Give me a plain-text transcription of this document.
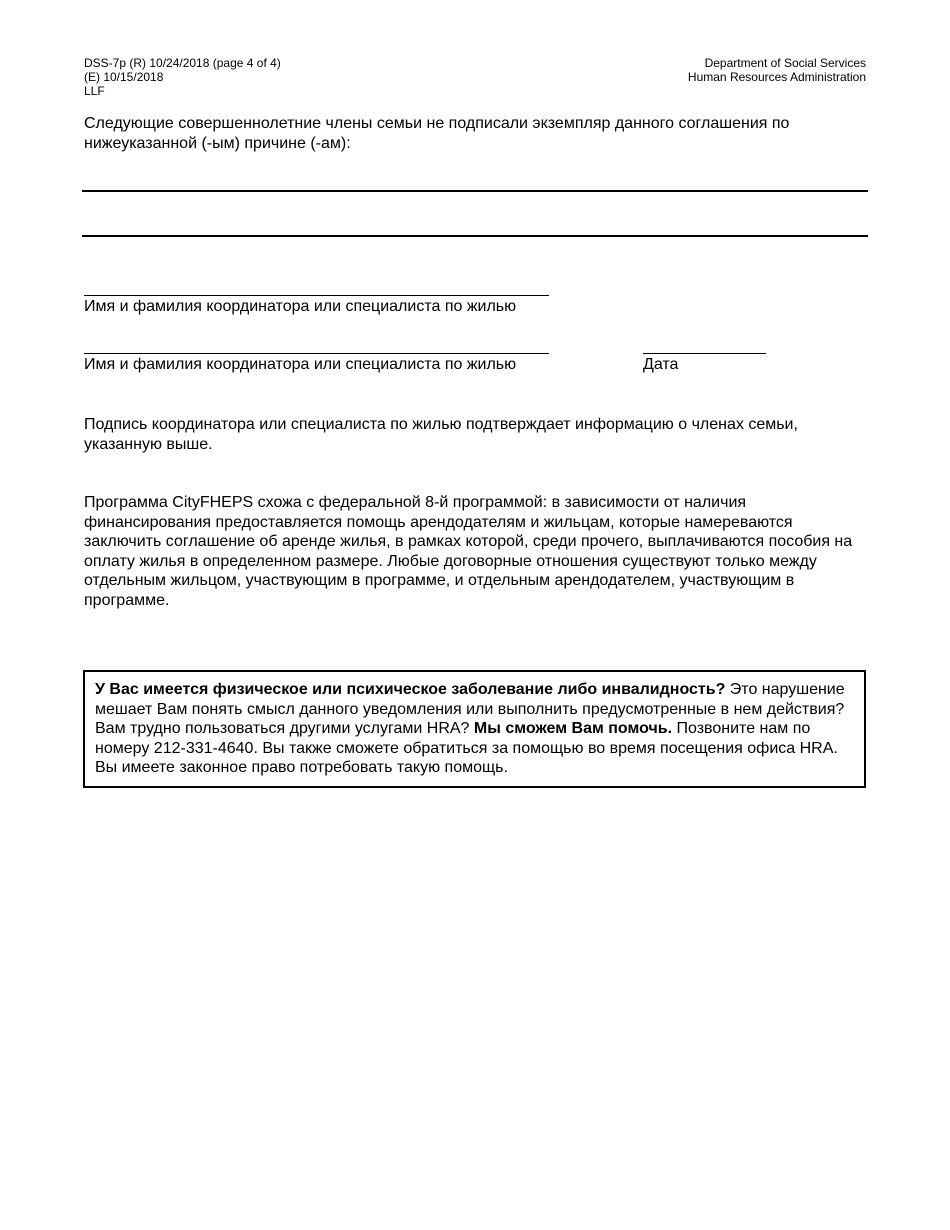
DSS-7p (R) 10/24/2018 (page 4 of 4)
(E) 10/15/2018
LLF
Department of Social Services
Human Resources Administration

Следующие совершеннолетние члены семьи не подписали экземпляр данного соглашения по нижеуказанной (-ым) причине (-ам):

Имя и фамилия координатора или специалиста по жилью
Имя и фамилия координатора или специалиста по жилью	Дата

Подпись координатора или специалиста по жилью подтверждает информацию о членах семьи, указанную выше.

Программа CityFHEPS схожа с федеральной 8-й программой: в зависимости от наличия финансирования предоставляется помощь арендодателям и жильцам, которые намереваются заключить соглашение об аренде жилья, в рамках которой, среди прочего, выплачиваются пособия на оплату жилья в определенном размере. Любые договорные отношения существуют только между отдельным жильцом, участвующим в программе, и отдельным арендодателем, участвующим в программе.

У Вас имеется физическое или психическое заболевание либо инвалидность? Это нарушение мешает Вам понять смысл данного уведомления или выполнить предусмотренные в нем действия? Вам трудно пользоваться другими услугами HRA? Мы сможем Вам помочь. Позвоните нам по номеру 212-331-4640. Вы также сможете обратиться за помощью во время посещения офиса HRA. Вы имеете законное право потребовать такую помощь.
